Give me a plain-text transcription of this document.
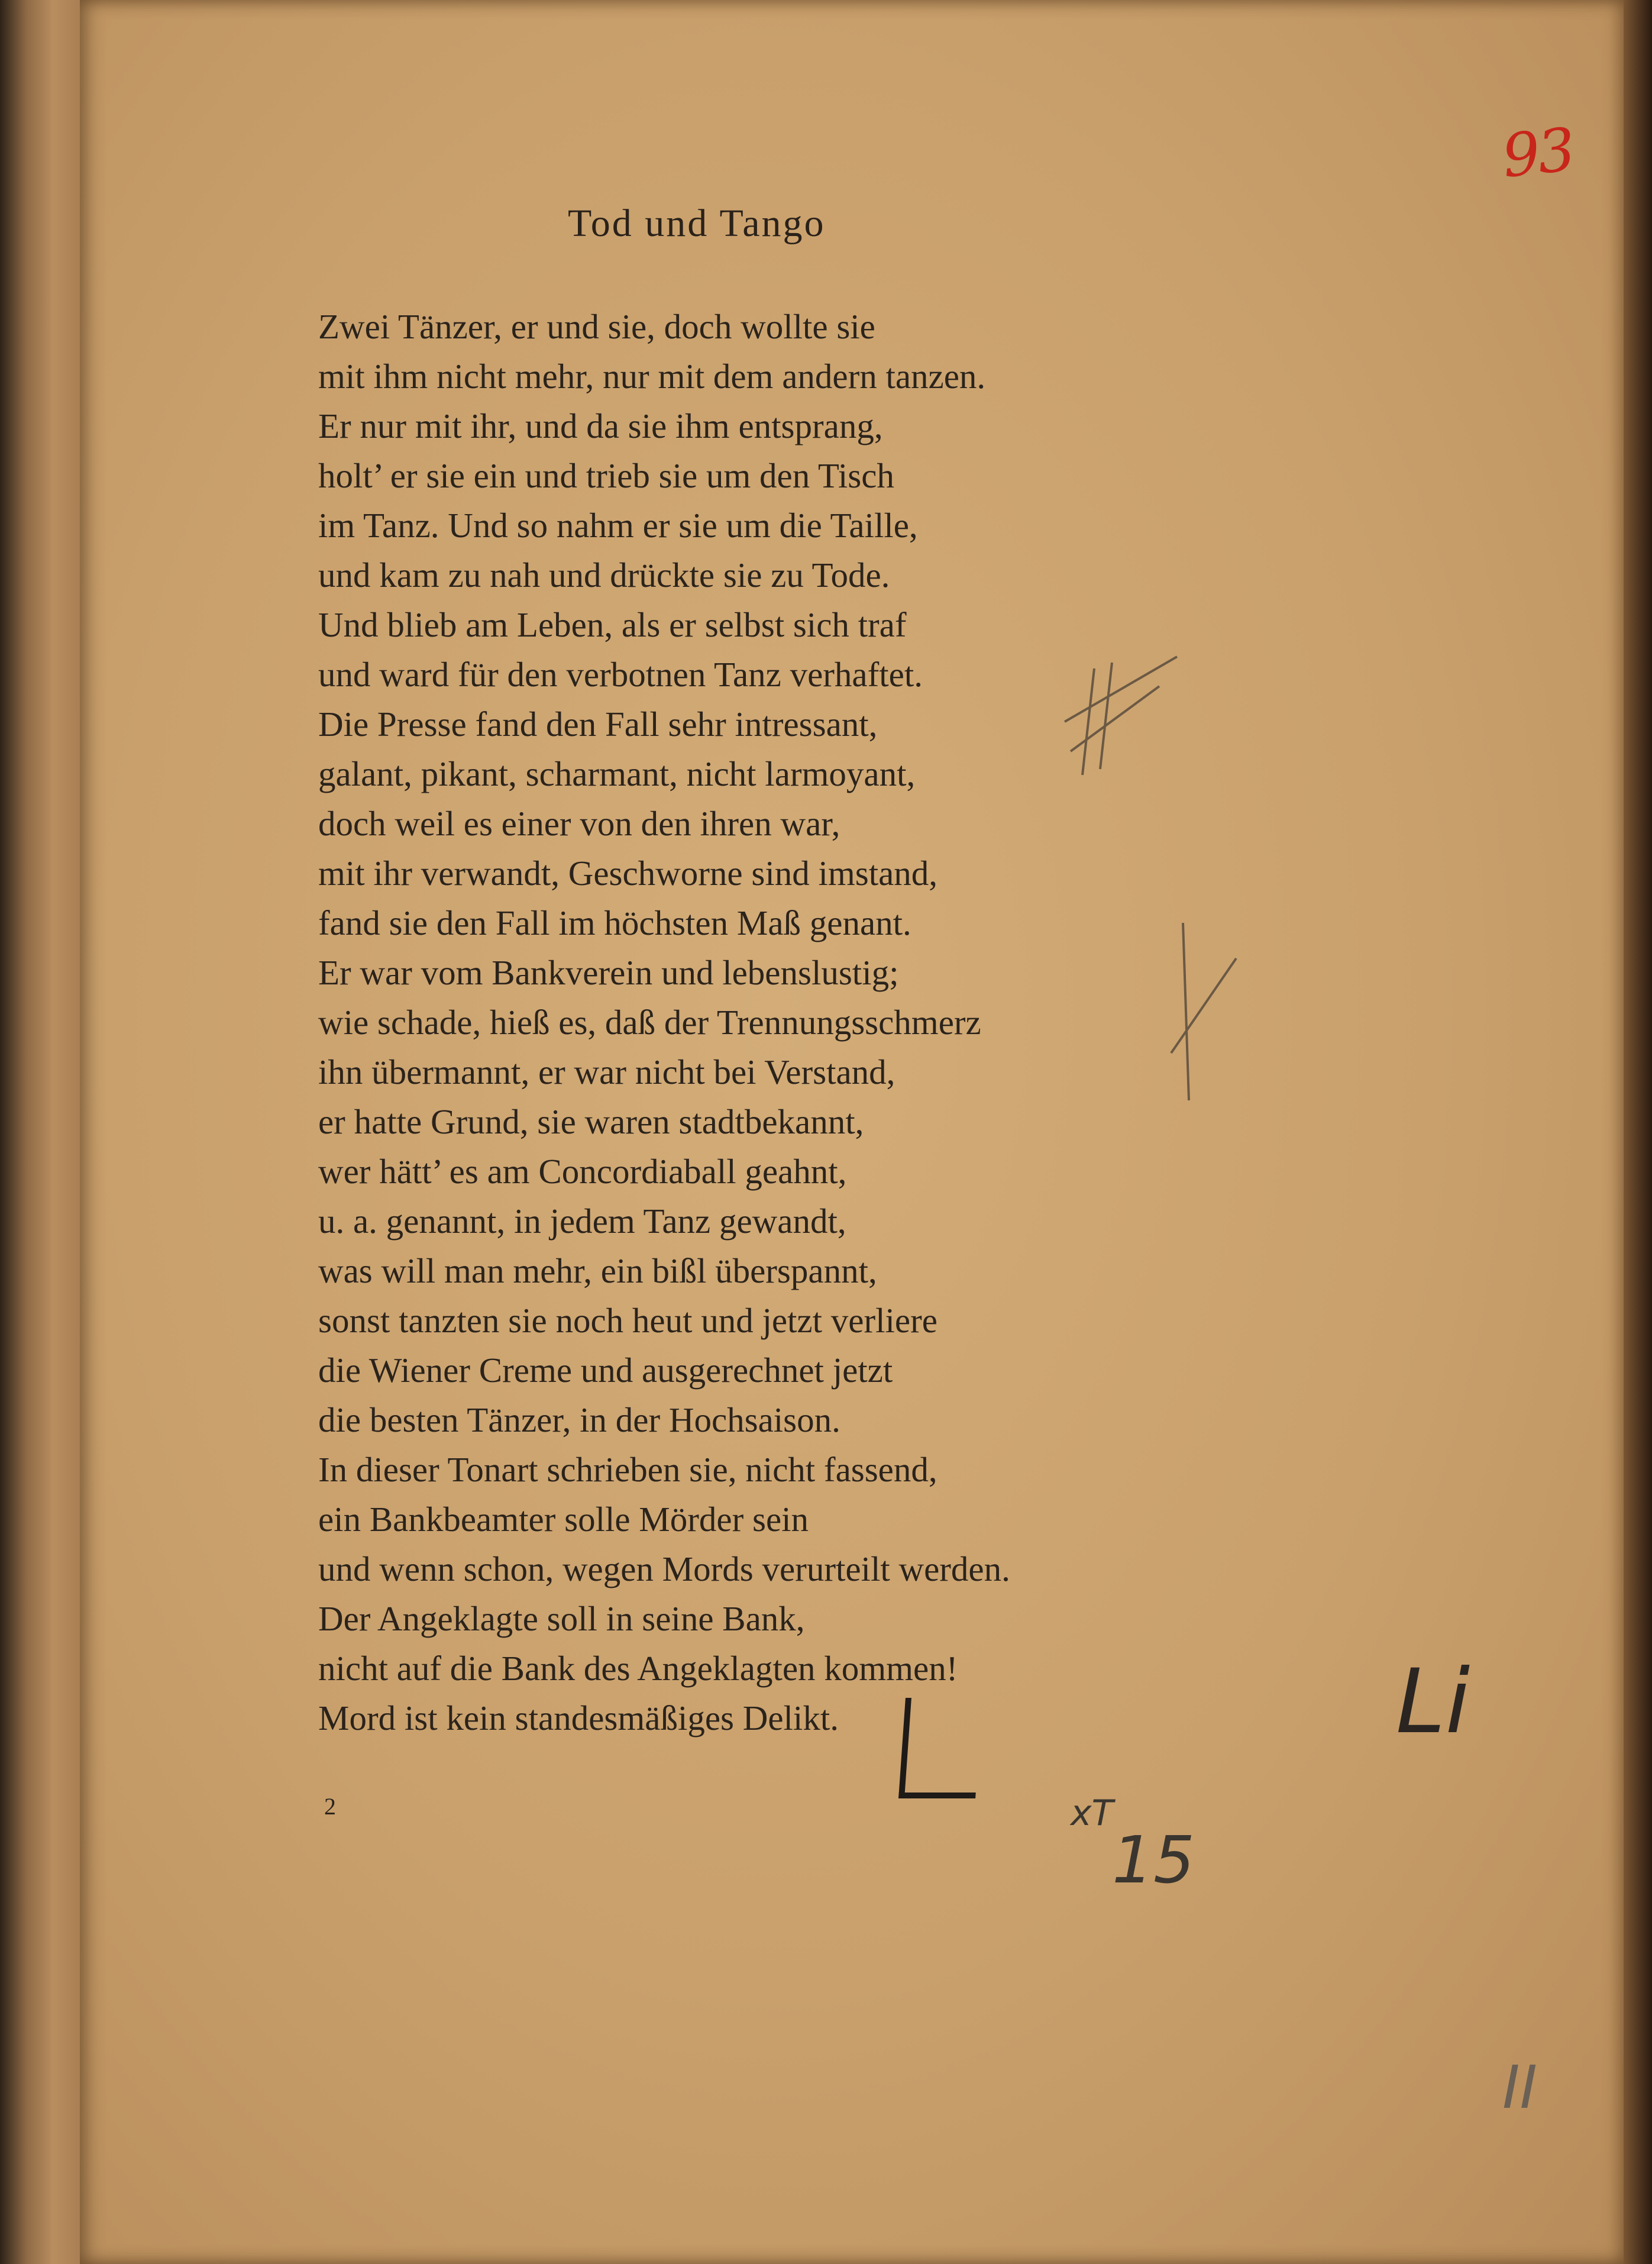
93
Tod und Tango
Zwei Tänzer, er und sie, doch wollte sie
mit ihm nicht mehr, nur mit dem andern tanzen.
Er nur mit ihr, und da sie ihm entsprang,
holt’ er sie ein und trieb sie um den Tisch
im Tanz. Und so nahm er sie um die Taille,
und kam zu nah und drückte sie zu Tode.
Und blieb am Leben, als er selbst sich traf
und ward für den verbotnen Tanz verhaftet.
Die Presse fand den Fall sehr intressant,
galant, pikant, scharmant, nicht larmoyant,
doch weil es einer von den ihren war,
mit ihr verwandt, Geschworne sind imstand,
fand sie den Fall im höchsten Maß genant.
Er war vom Bankverein und lebenslustig;
wie schade, hieß es, daß der Trennungsschmerz
ihn übermannt, er war nicht bei Verstand,
er hatte Grund, sie waren stadtbekannt,
wer hätt’ es am Concordiaball geahnt,
u. a. genannt, in jedem Tanz gewandt,
was will man mehr, ein bißl überspannt,
sonst tanzten sie noch heut und jetzt verliere
die Wiener Creme und ausgerechnet jetzt
die besten Tänzer, in der Hochsaison.
In dieser Tonart schrieben sie, nicht fassend,
ein Bankbeamter solle Mörder sein
und wenn schon, wegen Mords verurteilt werden.
Der Angeklagte soll in seine Bank,
nicht auf die Bank des Angeklagten kommen!
Mord ist kein standesmäßiges Delikt.
2	xT
15
Li
II
​
